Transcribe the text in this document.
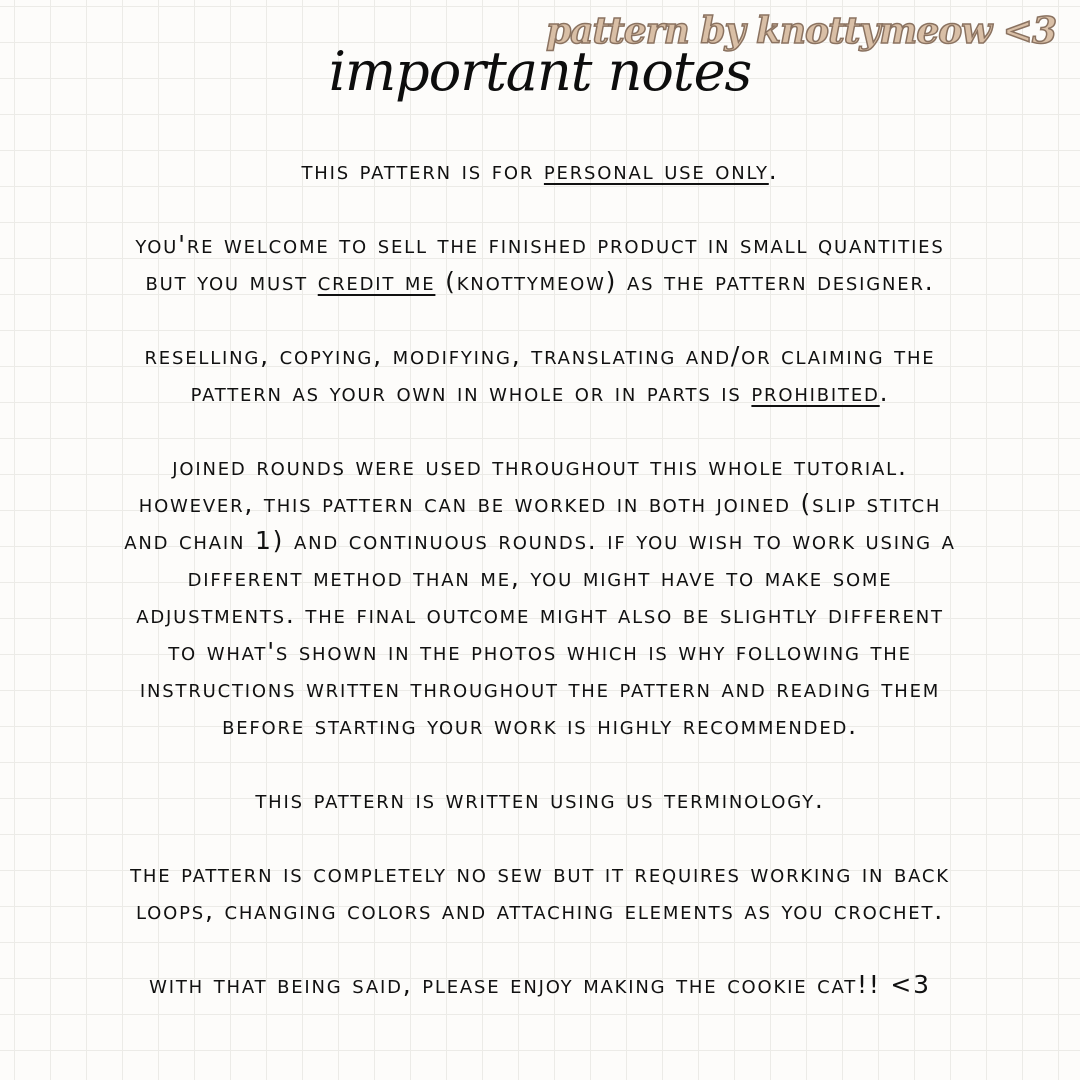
pattern by knottymeow <3
important notes
this pattern is for personal use only.
you're welcome to sell the finished product in small quantities
but you must credit me (knottymeow) as the pattern designer.
reselling, copying, modifying, translating and/or claiming the
pattern as your own in whole or in parts is prohibited.
joined rounds were used throughout this whole tutorial.
however, this pattern can be worked in both joined (slip stitch
and chain 1) and continuous rounds. if you wish to work using a
different method than me, you might have to make some
adjustments. the final outcome might also be slightly different
to what's shown in the photos which is why following the
instructions written throughout the pattern and reading them
before starting your work is highly recommended.
this pattern is written using us terminology.
the pattern is completely no sew but it requires working in back
loops, changing colors and attaching elements as you crochet.
with that being said, please enjoy making the cookie cat!! <3
